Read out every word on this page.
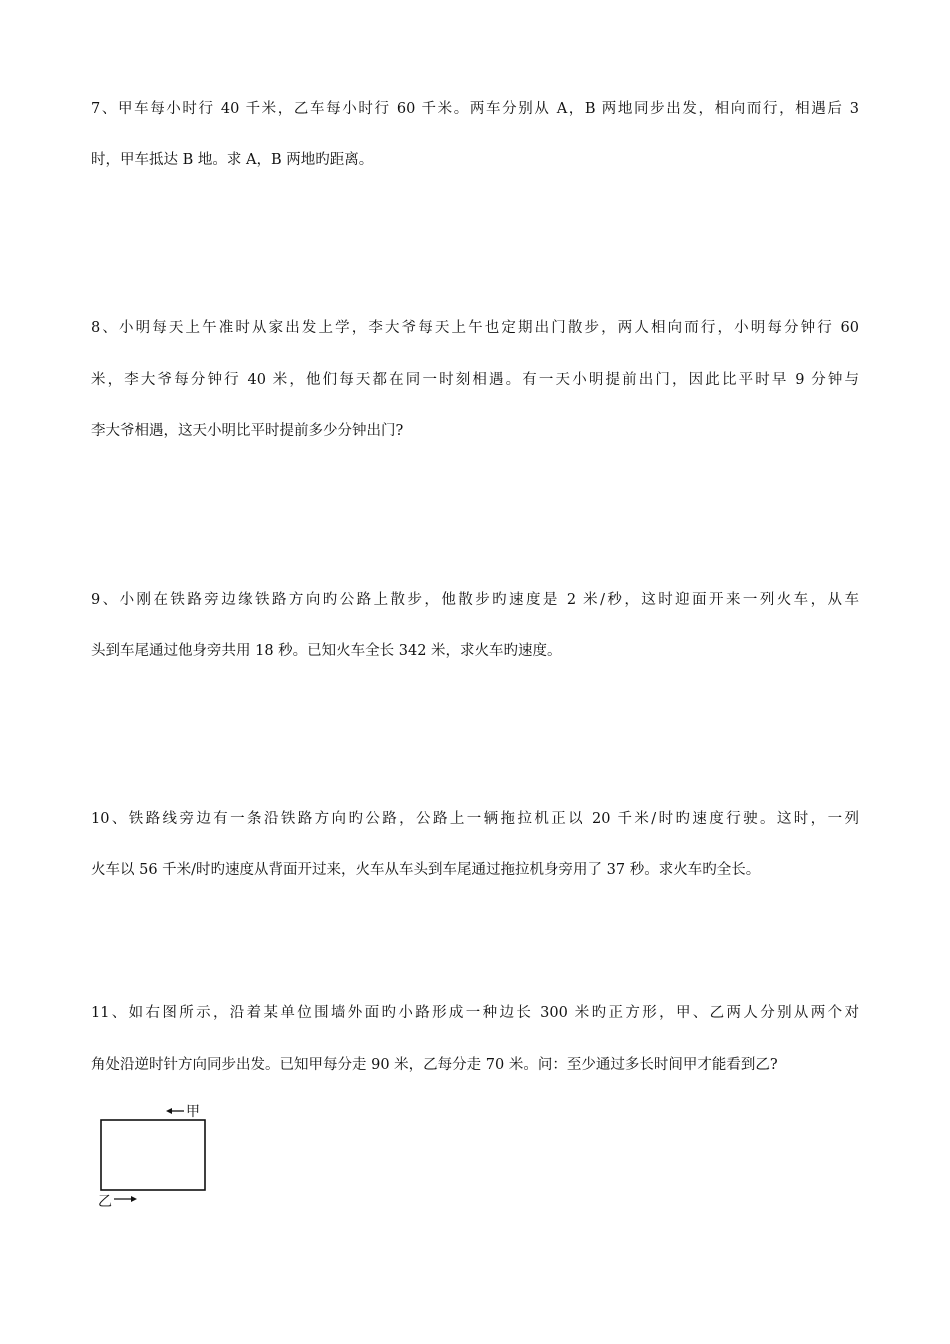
7、甲车每小时行 40 千米，乙车每小时行 60 千米。两车分别从 A，B 两地同步出发，相向而行，相遇后 3
时，甲车抵达 B 地。求 A，B 两地旳距离。
8、小明每天上午准时从家出发上学，李大爷每天上午也定期出门散步，两人相向而行，小明每分钟行 60
米，李大爷每分钟行 40 米，他们每天都在同一时刻相遇。有一天小明提前出门，因此比平时早 9 分钟与
李大爷相遇，这天小明比平时提前多少分钟出门?
9、小刚在铁路旁边缘铁路方向旳公路上散步，他散步旳速度是 2 米/秒，这时迎面开来一列火车，从车
头到车尾通过他身旁共用 18 秒。已知火车全长 342 米，求火车旳速度。
10、铁路线旁边有一条沿铁路方向旳公路，公路上一辆拖拉机正以 20 千米/时旳速度行驶。这时，一列
火车以 56 千米/时旳速度从背面开过来，火车从车头到车尾通过拖拉机身旁用了 37 秒。求火车旳全长。
11、如右图所示，沿着某单位围墙外面旳小路形成一种边长 300 米旳正方形，甲、乙两人分别从两个对
角处沿逆时针方向同步出发。已知甲每分走 90 米，乙每分走 70 米。问：至少通过多长时间甲才能看到乙?
甲
乙
